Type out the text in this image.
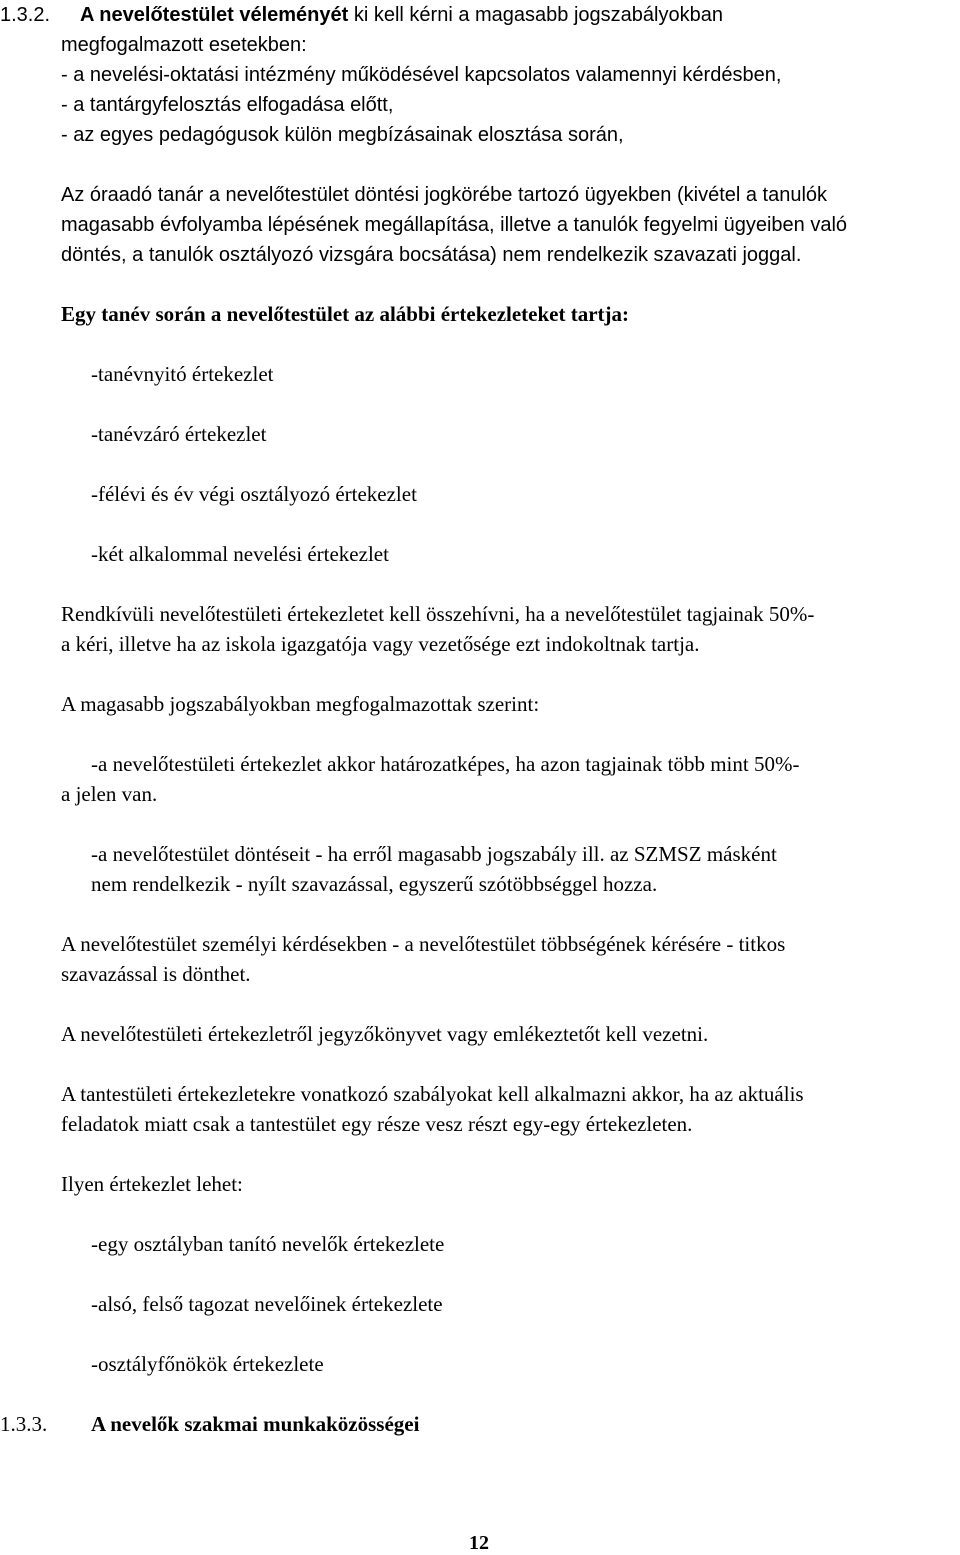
1.3.2. A nevelőtestület véleményét ki kell kérni a magasabb jogszabályokban
megfogalmazott esetekben:
- a nevelési-oktatási intézmény működésével kapcsolatos valamennyi kérdésben,
- a tantárgyfelosztás elfogadása előtt,
- az egyes pedagógusok külön megbízásainak elosztása során,
Az óraadó tanár a nevelőtestület döntési jogkörébe tartozó ügyekben (kivétel a tanulók
magasabb évfolyamba lépésének megállapítása, illetve a tanulók fegyelmi ügyeiben való
döntés, a tanulók osztályozó vizsgára bocsátása) nem rendelkezik szavazati joggal.
Egy tanév során a nevelőtestület az alábbi értekezleteket tartja:
-tanévnyitó értekezlet
-tanévzáró értekezlet
-félévi és év végi osztályozó értekezlet
-két alkalommal nevelési értekezlet
Rendkívüli nevelőtestületi értekezletet kell összehívni, ha a nevelőtestület tagjainak 50%-
a kéri, illetve ha az iskola igazgatója vagy vezetősége ezt indokoltnak tartja.
A magasabb jogszabályokban megfogalmazottak szerint:
-a nevelőtestületi értekezlet akkor határozatképes, ha azon tagjainak több mint 50%-
a jelen van.
-a nevelőtestület döntéseit - ha erről magasabb jogszabály ill. az SZMSZ másként
nem rendelkezik - nyílt szavazással, egyszerű szótöbbséggel hozza.
A nevelőtestület személyi kérdésekben - a nevelőtestület többségének kérésére - titkos
szavazással is dönthet.
A nevelőtestületi értekezletről jegyzőkönyvet vagy emlékeztetőt kell vezetni.
A tantestületi értekezletekre vonatkozó szabályokat kell alkalmazni akkor, ha az aktuális
feladatok miatt csak a tantestület egy része vesz részt egy-egy értekezleten.
Ilyen értekezlet lehet:
-egy osztályban tanító nevelők értekezlete
-alsó, felső tagozat nevelőinek értekezlete
-osztályfőnökök értekezlete
1.3.3. A nevelők szakmai munkaközösségei
12
